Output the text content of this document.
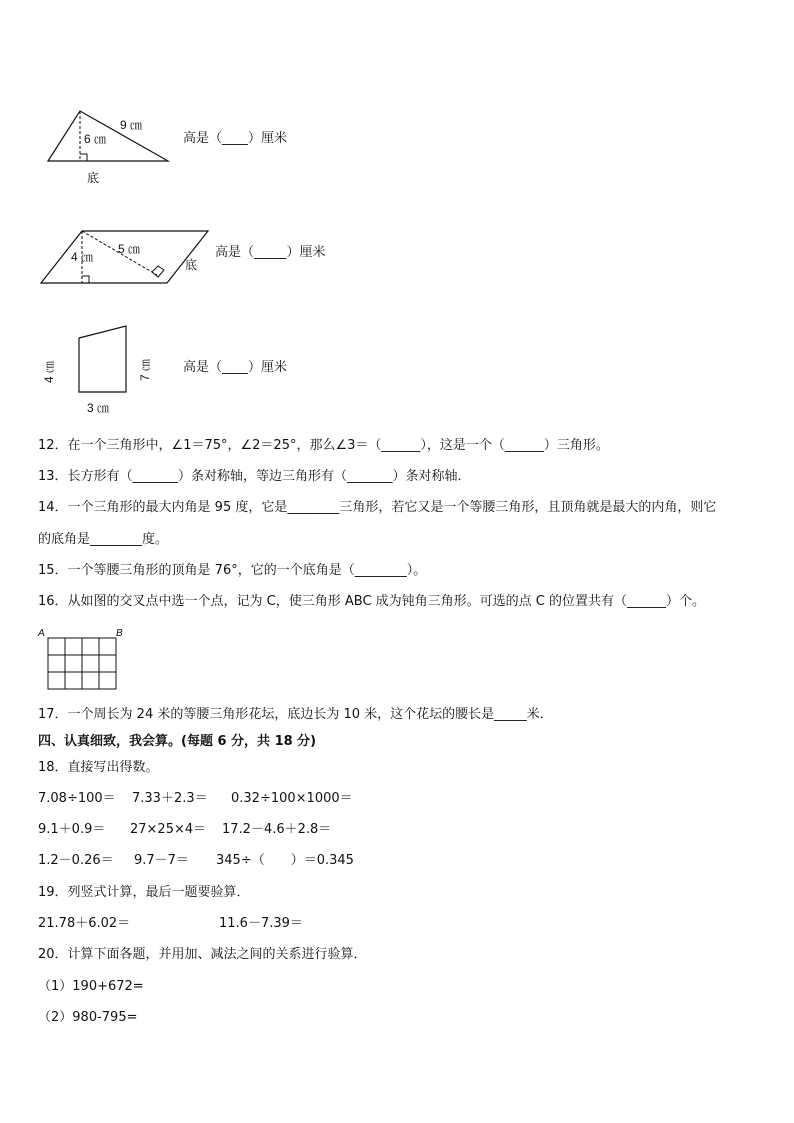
9 ㎝
6 ㎝
底
高是（____）厘米
5 ㎝
4 ㎝
底
高是（_____）厘米
4 ㎝	7 ㎝
3 ㎝
高是（____）厘米
12．在一个三角形中，∠1＝75°，∠2＝25°，那么∠3＝（______），这是一个（______）三角形。
13．长方形有（_______）条对称轴，等边三角形有（_______）条对称轴．
14．一个三角形的最大内角是 95 度，它是________三角形，若它又是一个等腰三角形，且顶角就是最大的内角，则它
的底角是________度。
15．一个等腰三角形的顶角是 76°，它的一个底角是（________）。
16．从如图的交叉点中选一个点，记为 C，使三角形 ABC 成为钝角三角形。可选的点 C 的位置共有（______）个。
A	B
17．一个周长为 24 米的等腰三角形花坛，底边长为 10 米，这个花坛的腰长是_____米．
四、认真细致，我会算。(每题 6 分，共 18 分)
18．直接写出得数。
7.08÷100＝ 7.33＋2.3＝ 0.32÷100×1000＝
9.1＋0.9＝ 27×25×4＝ 17.2－4.6＋2.8＝
1.2－0.26＝ 9.7－7＝ 345÷（　　）＝0.345
19．列竖式计算，最后一题要验算．
21.78＋6.02＝	11.6－7.39＝
20．计算下面各题，并用加、减法之间的关系进行验算．
（1）190+672=
（2）980-795=
